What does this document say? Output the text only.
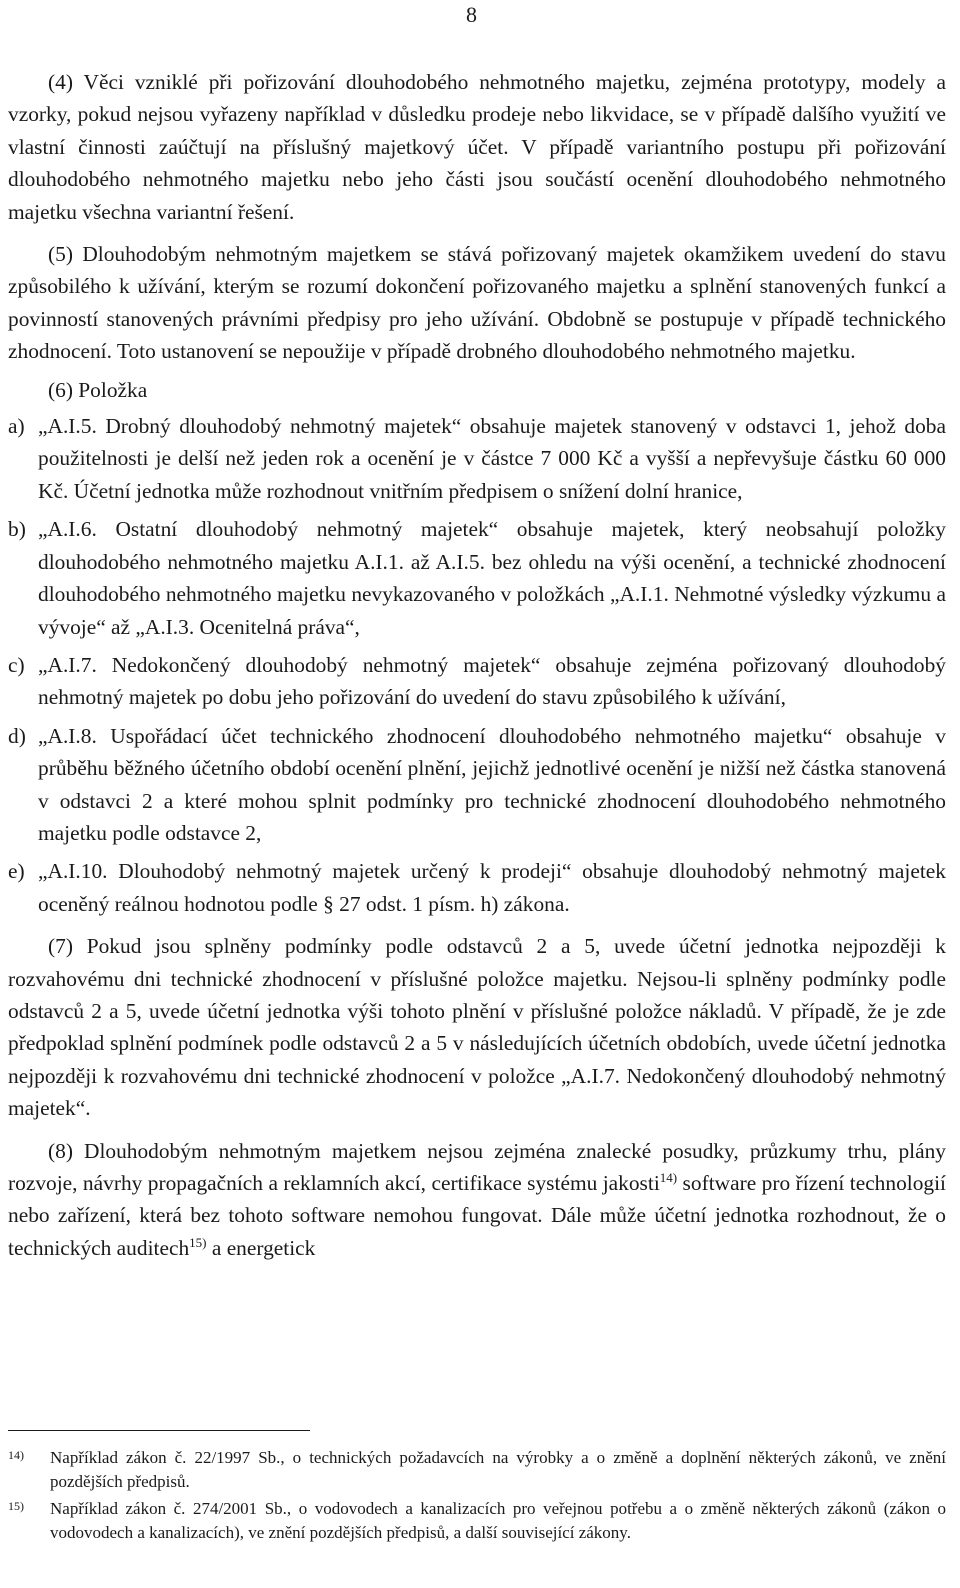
8

(4) Věci vzniklé při pořizování dlouhodobého nehmotného majetku, zejména prototypy, modely a vzorky, pokud nejsou vyřazeny například v důsledku prodeje nebo likvidace, se v případě dalšího využití ve vlastní činnosti zaúčtují na příslušný majetkový účet. V případě variantního postupu při pořizování dlouhodobého nehmotného majetku nebo jeho části jsou součástí ocenění dlouhodobého nehmotného majetku všechna variantní řešení.

(5) Dlouhodobým nehmotným majetkem se stává pořizovaný majetek okamžikem uvedení do stavu způsobilého k užívání, kterým se rozumí dokončení pořizovaného majetku a splnění stanovených funkcí a povinností stanovených právními předpisy pro jeho užívání. Obdobně se postupuje v případě technického zhodnocení. Toto ustanovení se nepoužije v případě drobného dlouhodobého nehmotného majetku.

(6) Položka

a) „A.I.5. Drobný dlouhodobý nehmotný majetek“ obsahuje majetek stanovený v odstavci 1, jehož doba použitelnosti je delší než jeden rok a ocenění je v částce 7 000 Kč a vyšší a nepřevyšuje částku 60 000 Kč. Účetní jednotka může rozhodnout vnitřním předpisem o snížení dolní hranice,
b) „A.I.6. Ostatní dlouhodobý nehmotný majetek“ obsahuje majetek, který neobsahují položky dlouhodobého nehmotného majetku A.I.1. až A.I.5. bez ohledu na výši ocenění, a technické zhodnocení dlouhodobého nehmotného majetku nevykazovaného v položkách „A.I.1. Nehmotné výsledky výzkumu a vývoje“ až „A.I.3. Ocenitelná práva“,
c) „A.I.7. Nedokončený dlouhodobý nehmotný majetek“ obsahuje zejména pořizovaný dlouhodobý nehmotný majetek po dobu jeho pořizování do uvedení do stavu způsobilého k užívání,
d) „A.I.8. Uspořádací účet technického zhodnocení dlouhodobého nehmotného majetku“ obsahuje v průběhu běžného účetního období ocenění plnění, jejichž jednotlivé ocenění je nižší než částka stanovená v odstavci 2 a které mohou splnit podmínky pro technické zhodnocení dlouhodobého nehmotného majetku podle odstavce 2,
e) „A.I.10. Dlouhodobý nehmotný majetek určený k prodeji“ obsahuje dlouhodobý nehmotný majetek oceněný reálnou hodnotou podle § 27 odst. 1 písm. h) zákona.

(7) Pokud jsou splněny podmínky podle odstavců 2 a 5, uvede účetní jednotka nejpozději k rozvahovému dni technické zhodnocení v příslušné položce majetku. Nejsou-li splněny podmínky podle odstavců 2 a 5, uvede účetní jednotka výši tohoto plnění v příslušné položce nákladů. V případě, že je zde předpoklad splnění podmínek podle odstavců 2 a 5 v následujících účetních obdobích, uvede účetní jednotka nejpozději k rozvahovému dni technické zhodnocení v položce „A.I.7. Nedokončený dlouhodobý nehmotný majetek“.

(8) Dlouhodobým nehmotným majetkem nejsou zejména znalecké posudky, průzkumy trhu, plány rozvoje, návrhy propagačních a reklamních akcí, certifikace systému jakosti$^{14)}$ software pro řízení technologií nebo zařízení, která bez tohoto software nemohou fungovat. Dále může účetní jednotka rozhodnout, že o technických auditech$^{15)}$ a energetick

14) Například zákon č. 22/1997 Sb., o technických požadavcích na výrobky a o změně a doplnění některých zákonů, ve znění pozdějších předpisů.
15) Například zákon č. 274/2001 Sb., o vodovodech a kanalizacích pro veřejnou potřebu a o změně některých zákonů (zákon o vodovodech a kanalizacích), ve znění pozdějších předpisů, a další související zákony.
